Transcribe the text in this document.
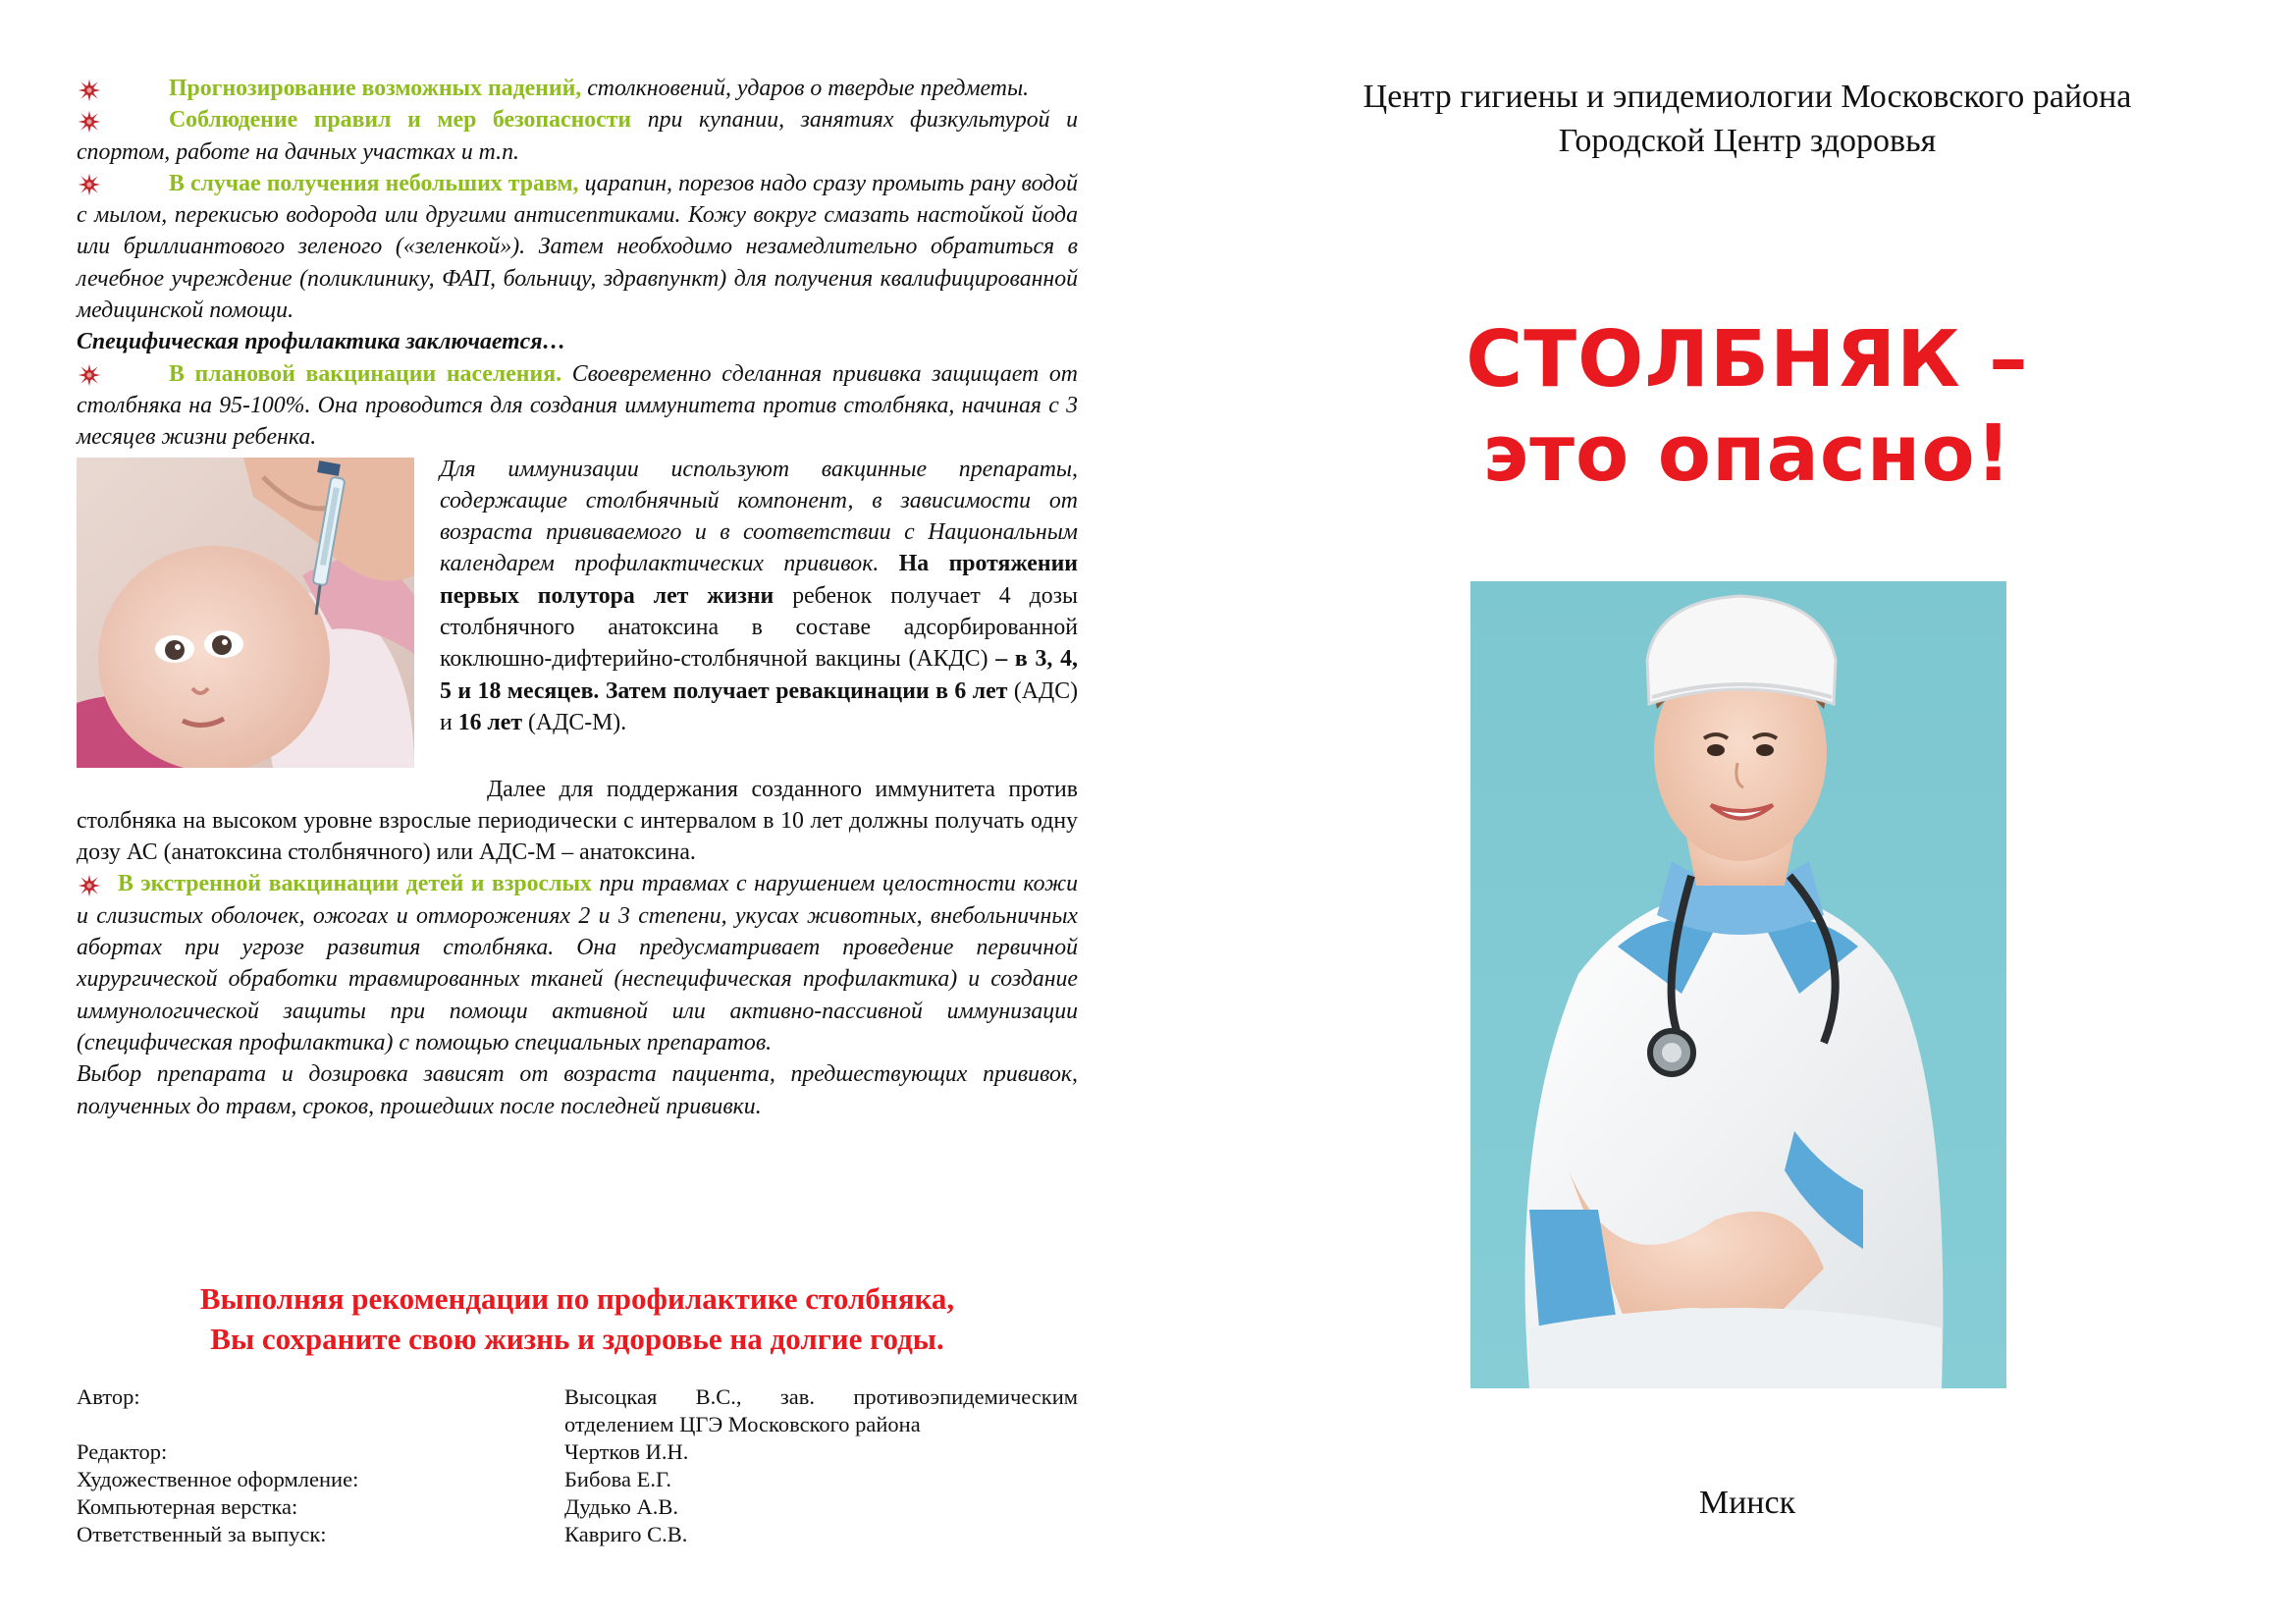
Прогнозирование возможных падений, столкновений, ударов о твердые предметы.

Соблюдение правил и мер безопасности при купании, занятиях физкультурой и спортом, работе на дачных участках и т.п.

В случае получения небольших травм, царапин, порезов надо сразу промыть рану водой с мылом, перекисью водорода или другими антисептиками. Кожу вокруг смазать настойкой йода или бриллиантового зеленого («зеленкой»). Затем необходимо незамедлительно обратиться в лечебное учреждение (поликлинику, ФАП, больницу, здравпункт) для получения квалифицированной медицинской помощи.

Специфическая профилактика заключается…

В плановой вакцинации населения. Своевременно сделанная прививка защищает от столбняка на 95-100%. Она проводится для создания иммунитета против столбняка, начиная с 3 месяцев жизни ребенка.

Для иммунизации используют вакцинные препараты, содержащие столбнячный компонент, в зависимости от возраста прививаемого и в соответствии с Национальным календарем профилактических прививок. На протяжении первых полутора лет жизни ребенок получает 4 дозы столбнячного анатоксина в составе адсорбированной коклюшно-дифтерийно-столбнячной вакцины (АКДС) – в 3, 4, 5 и 18 месяцев. Затем получает ревакцинации в 6 лет (АДС) и 16 лет (АДС-М).

Далее для поддержания созданного иммунитета против столбняка на высоком уровне взрослые периодически с интервалом в 10 лет должны получать одну дозу АС (анатоксина столбнячного) или АДС-М – анатоксина.

В экстренной вакцинации детей и взрослых при травмах с нарушением целостности кожи и слизистых оболочек, ожогах и отморожениях 2 и 3 степени, укусах животных, внебольничных абортах при угрозе развития столбняка. Она предусматривает проведение первичной хирургической обработки травмированных тканей (неспецифическая профилактика) и создание иммунологической защиты при помощи активной или активно-пассивной иммунизации (специфическая профилактика) с помощью специальных препаратов.

Выбор препарата и дозировка зависят от возраста пациента, предшествующих прививок, полученных до травм, сроков, прошедших после последней прививки.

Выполняя рекомендации по профилактике столбняка,
Вы сохраните свою жизнь и здоровье на долгие годы.
Автор:	Высоцкая В.С., зав. противоэпидемическим отделением ЦГЭ Московского района
Редактор:	Чертков И.Н.
Художественное оформление:	Бибова Е.Г.
Компьютерная верстка:	Дудько А.В.
Ответственный за выпуск:	Кавриго С.В.
Центр гигиены и эпидемиологии Московского района
Городской Центр здоровья
СТОЛБНЯК –
это опасно!
Минск
